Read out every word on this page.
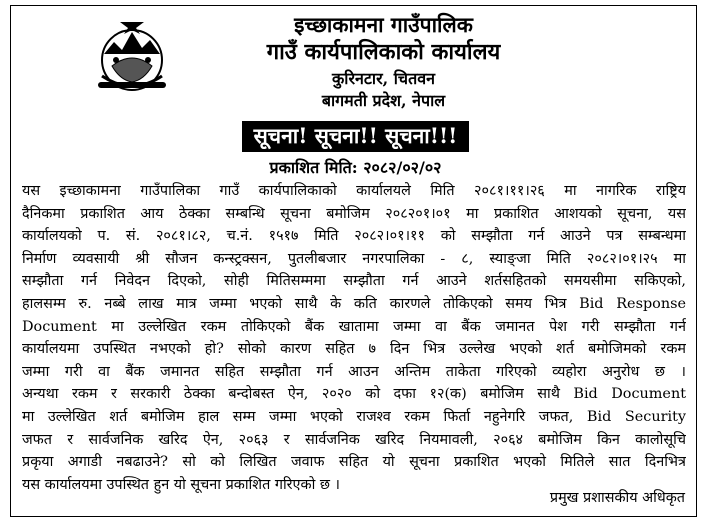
इच्छाकामना गाउँपालिक
गाउँ कार्यपालिकाको कार्यालय
कुरिनटार, चितवन
बागमती प्रदेश, नेपाल
सूचना! सूचना!! सूचना!!!
प्रकाशित मिति: २०८२/०२/०२
यस इच्छाकामना गाउँपालिका गाउँ कार्यपालिकाको कार्यालयले मिति २०८१।११।२६ मा नागरिक राष्ट्रिय
दैनिकमा प्रकाशित आय ठेक्का सम्बन्धि सूचना बमोजिम २०८२०१।०१ मा प्रकाशित आशयको सूचना, यस
कार्यालयको प. सं. २०८१।८२, च.नं. १५१७ मिति २०८२।०१।११ को सम्झौता गर्न आउने पत्र सम्बन्धमा
निर्माण व्यवसायी श्री सौजन कन्स्ट्रक्सन, पुतलीबजार नगरपालिका - ८, स्याङ्जा मिति २०८२।०१।२५ मा
सम्झौता गर्न निवेदन दिएको, सोही मितिसम्ममा सम्झौता गर्न आउने शर्तसहितको समयसीमा सकिएको,
हालसम्म रु. नब्बे लाख मात्र जम्मा भएको साथै के कति कारणले तोकिएको समय भित्र Bid Response
Document मा उल्लेखित रकम तोकिएको बैंक खातामा जम्मा वा बैंक जमानत पेश गरी सम्झौता गर्न
कार्यालयमा उपस्थित नभएको हो? सोको कारण सहित ७ दिन भित्र उल्लेख भएको शर्त बमोजिमको रकम
जम्मा गरी वा बैंक जमानत सहित सम्झौता गर्न आउन अन्तिम ताकेता गरिएको व्यहोरा अनुरोध छ ।
अन्यथा रकम र सरकारी ठेक्का बन्दोबस्त ऐन, २०२० को दफा १२(क) बमोजिम साथै Bid Document
मा उल्लेखित शर्त बमोजिम हाल सम्म जम्मा भएको राजश्व रकम फिर्ता नहुनेगरि जफत, Bid Security
जफत र सार्वजनिक खरिद ऐन, २०६३ र सार्वजनिक खरिद नियमावली, २०६४ बमोजिम किन कालोसूचि
प्रकृया अगाडी नबढाउने? सो को लिखित जवाफ सहित यो सूचना प्रकाशित भएको मितिले सात दिनभित्र
यस कार्यालयमा उपस्थित हुन यो सूचना प्रकाशित गरिएको छ ।
प्रमुख प्रशासकीय अधिकृत
